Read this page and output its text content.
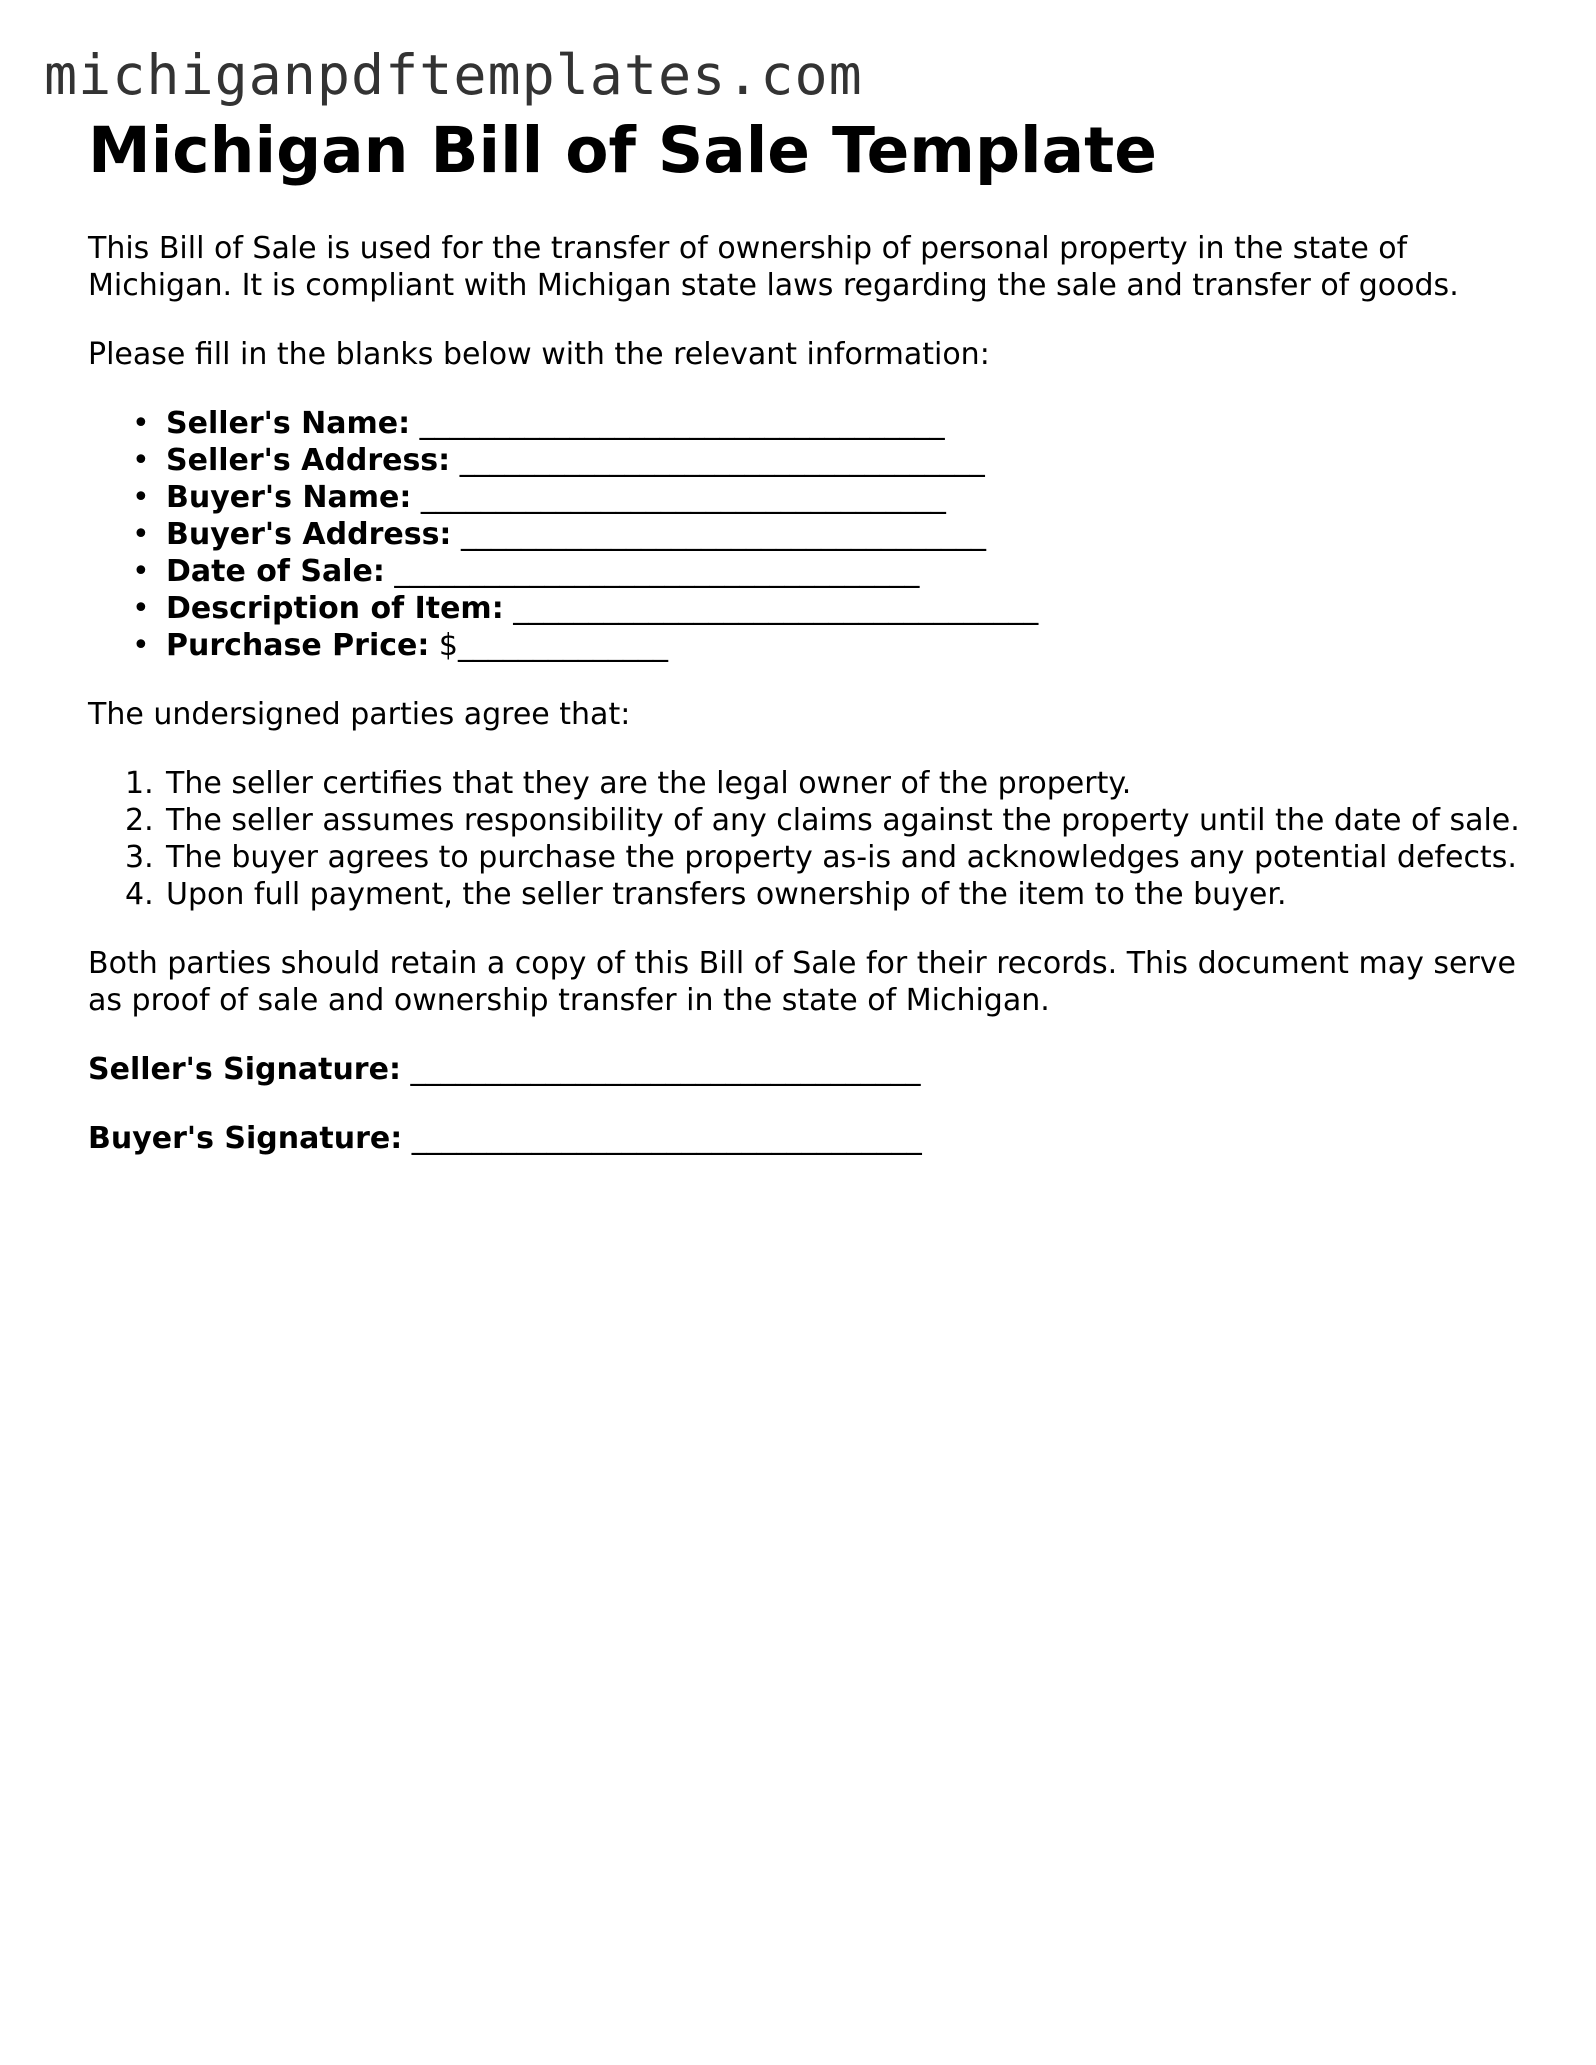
michiganpdftemplates.com
Michigan Bill of Sale Template

This Bill of Sale is used for the transfer of ownership of personal property in the state of Michigan. It is compliant with Michigan state laws regarding the sale and transfer of goods.

Please fill in the blanks below with the relevant information:

• Seller's Name: ___________________________________
• Seller's Address: ___________________________________
• Buyer's Name: ___________________________________
• Buyer's Address: ___________________________________
• Date of Sale: ___________________________________
• Description of Item: ___________________________________
• Purchase Price: $______________

The undersigned parties agree that:

1. The seller certifies that they are the legal owner of the property.
2. The seller assumes responsibility of any claims against the property until the date of sale.
3. The buyer agrees to purchase the property as-is and acknowledges any potential defects.
4. Upon full payment, the seller transfers ownership of the item to the buyer.

Both parties should retain a copy of this Bill of Sale for their records. This document may serve as proof of sale and ownership transfer in the state of Michigan.

Seller's Signature: __________________________________

Buyer's Signature: __________________________________
